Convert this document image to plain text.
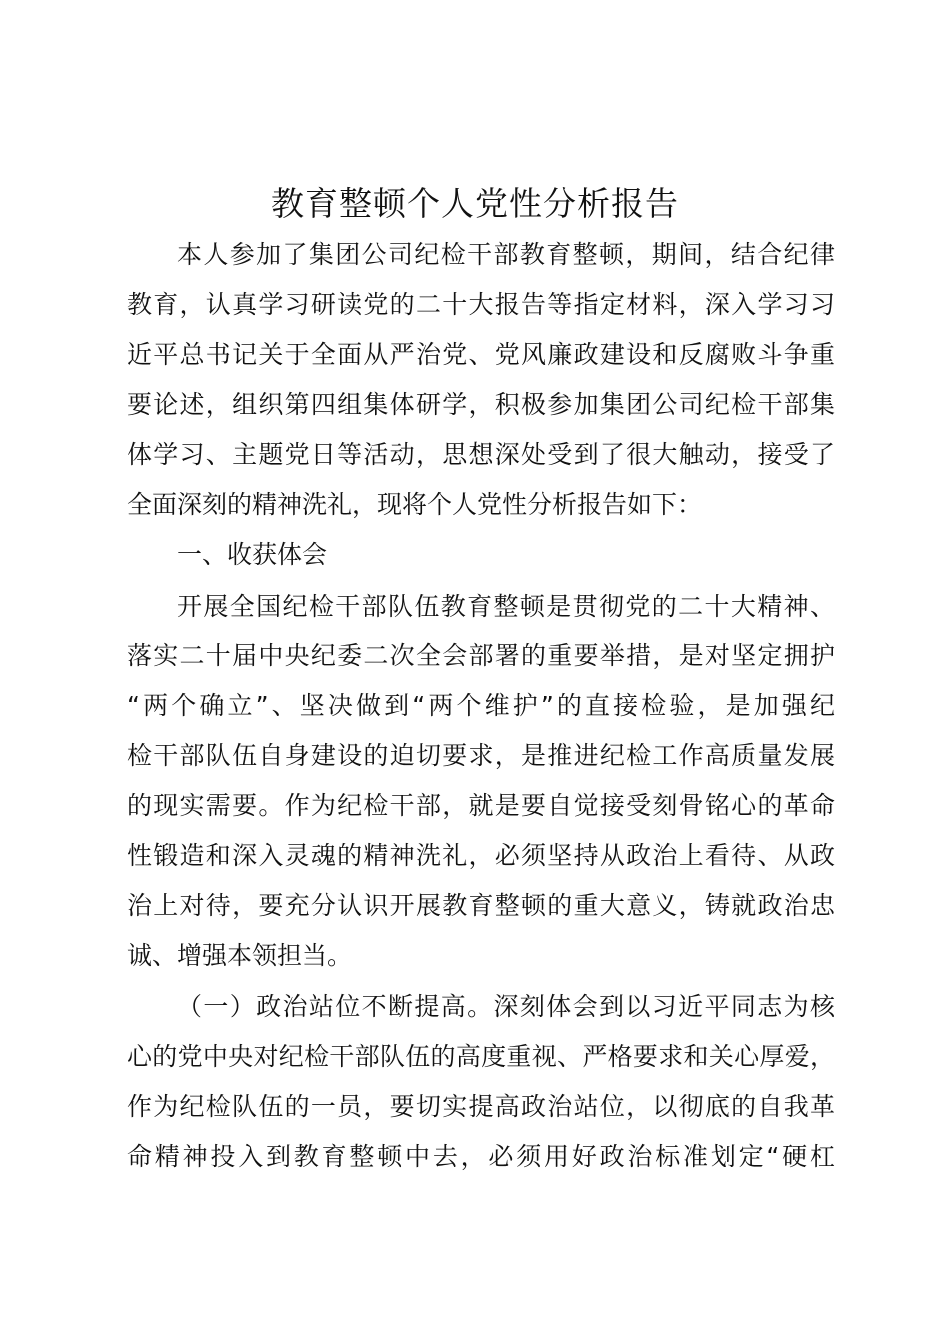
教育整顿个人党性分析报告
本人参加了集团公司纪检干部教育整顿，期间，结合纪律
教育，认真学习研读党的二十大报告等指定材料，深入学习习
近平总书记关于全面从严治党、党风廉政建设和反腐败斗争重
要论述，组织第四组集体研学，积极参加集团公司纪检干部集
体学习、主题党日等活动，思想深处受到了很大触动，接受了
全面深刻的精神洗礼，现将个人党性分析报告如下：
一、收获体会
开展全国纪检干部队伍教育整顿是贯彻党的二十大精神、
落实二十届中央纪委二次全会部署的重要举措，是对坚定拥护
“两个确立”、坚决做到“两个维护”的直接检验，是加强纪
检干部队伍自身建设的迫切要求，是推进纪检工作高质量发展
的现实需要。作为纪检干部，就是要自觉接受刻骨铭心的革命
性锻造和深入灵魂的精神洗礼，必须坚持从政治上看待、从政
治上对待，要充分认识开展教育整顿的重大意义，铸就政治忠
诚、增强本领担当。
（一）政治站位不断提高。深刻体会到以习近平同志为核
心的党中央对纪检干部队伍的高度重视、严格要求和关心厚爱，
作为纪检队伍的一员，要切实提高政治站位，以彻底的自我革
命精神投入到教育整顿中去，必须用好政治标准划定“硬杠
